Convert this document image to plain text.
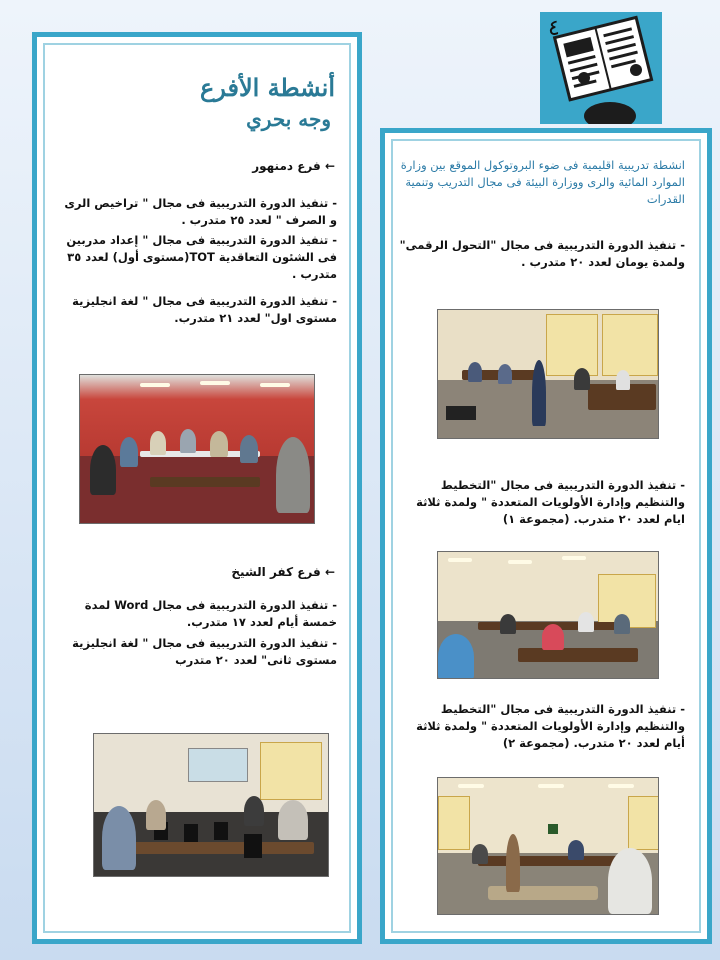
٤
أنشطة الأفرع
وجه بحري
← فرع دمنهور
- تنفيذ الدورة التدريبية فى مجال " تراخيص الرى و الصرف " لعدد ٢٥ متدرب .
- تنفيذ الدورة التدريبية فى مجال " إعداد مدربين فى الشئون التعاقدية TOT(مستوى أول) لعدد ٣٥ متدرب .
- تنفيذ الدورة التدريبية فى مجال " لغة انجليزية مستوى اول" لعدد ٢١ متدرب.
← فرع كفر الشيخ
- تنفيذ الدورة التدريبية فى مجال Word لمدة خمسة أيام لعدد ١٧ متدرب.
- تنفيذ الدورة التدريبية فى مجال " لغة انجليزية مستوى ثانى" لعدد ٢٠ متدرب
انشطة تدريبية اقليمية فى ضوء البروتوكول الموقع بين وزارة الموارد المائية والرى ووزارة البيئة فى مجال التدريب وتنمية القدرات
- تنفيذ الدورة التدريبية فى مجال "التحول الرقمى" ولمدة يومان لعدد ٢٠ متدرب .
- تنفيذ الدورة التدريبية فى مجال "التخطيط والتنظيم وإدارة الأولويات المتعددة " ولمدة ثلاثة ايام لعدد ٢٠ متدرب. (مجموعة ١)
- تنفيذ الدورة التدريبية فى مجال "التخطيط والتنظيم وإدارة الأولويات المتعددة " ولمدة ثلاثة أيام لعدد ٢٠ متدرب. (مجموعة ٢)
